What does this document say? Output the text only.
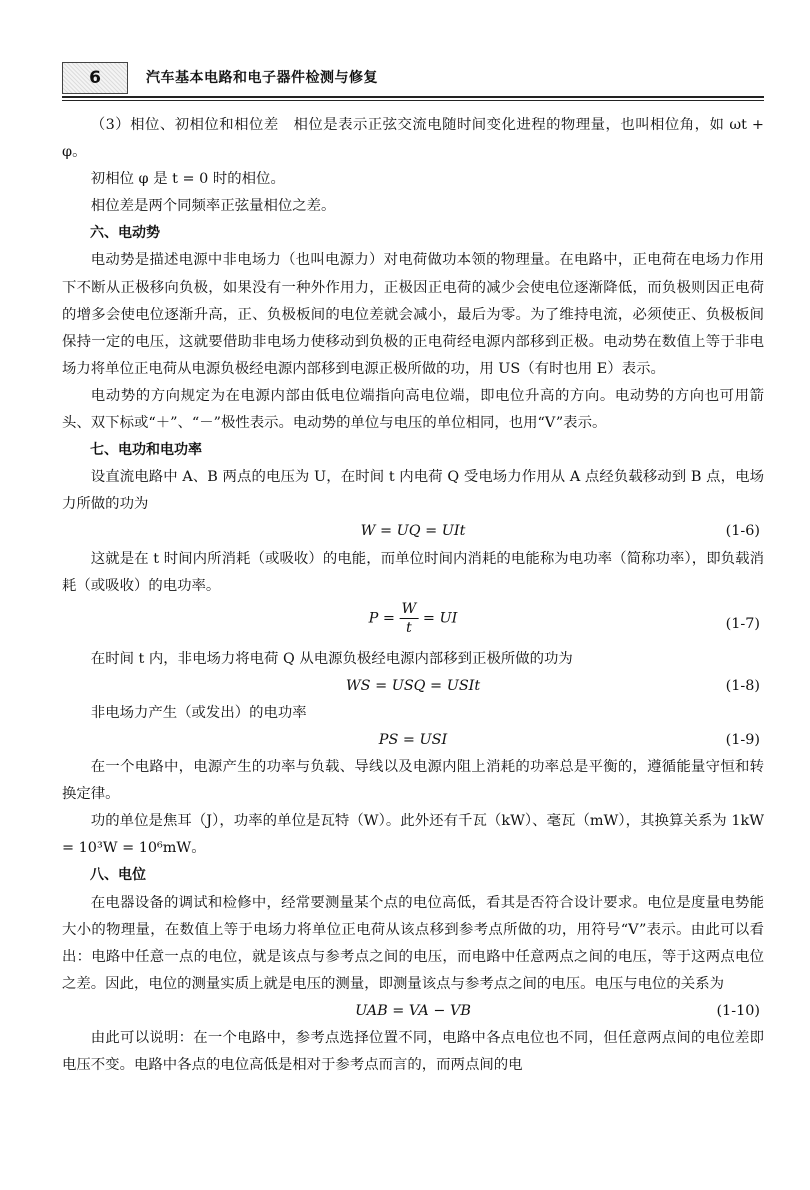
6	汽车基本电路和电子器件检测与修复

（3）相位、初相位和相位差　相位是表示正弦交流电随时间变化进程的物理量，也叫相位角，如 ωt + φ。

初相位 φ 是 t = 0 时的相位。

相位差是两个同频率正弦量相位之差。

六、电动势

电动势是描述电源中非电场力（也叫电源力）对电荷做功本领的物理量。在电路中，正电荷在电场力作用下不断从正极移向负极，如果没有一种外作用力，正极因正电荷的减少会使电位逐渐降低，而负极则因正电荷的增多会使电位逐渐升高，正、负极板间的电位差就会减小，最后为零。为了维持电流，必须使正、负极板间保持一定的电压，这就要借助非电场力使移动到负极的正电荷经电源内部移到正极。电动势在数值上等于非电场力将单位正电荷从电源负极经电源内部移到电源正极所做的功，用 US（有时也用 E）表示。

电动势的方向规定为在电源内部由低电位端指向高电位端，即电位升高的方向。电动势的方向也可用箭头、双下标或“＋”、“－”极性表示。电动势的单位与电压的单位相同，也用“V”表示。

七、电功和电功率

设直流电路中 A、B 两点的电压为 U，在时间 t 内电荷 Q 受电场力作用从 A 点经负载移动到 B 点，电场力所做的功为

W = UQ = UIt	(1-6)

这就是在 t 时间内所消耗（或吸收）的电能，而单位时间内消耗的电能称为电功率（简称功率），即负载消耗（或吸收）的电功率。

$P = \frac{W}{t}$ = UI	(1-7)

在时间 t 内，非电场力将电荷 Q 从电源负极经电源内部移到正极所做的功为

WS = USQ = USIt	(1-8)

非电场力产生（或发出）的电功率

PS = USI	(1-9)

在一个电路中，电源产生的功率与负载、导线以及电源内阻上消耗的功率总是平衡的，遵循能量守恒和转换定律。

功的单位是焦耳（J），功率的单位是瓦特（W）。此外还有千瓦（kW）、毫瓦（mW），其换算关系为 1kW = 10³W = 10⁶mW。

八、电位

在电器设备的调试和检修中，经常要测量某个点的电位高低，看其是否符合设计要求。电位是度量电势能大小的物理量，在数值上等于电场力将单位正电荷从该点移到参考点所做的功，用符号“V”表示。由此可以看出：电路中任意一点的电位，就是该点与参考点之间的电压，而电路中任意两点之间的电压，等于这两点电位之差。因此，电位的测量实质上就是电压的测量，即测量该点与参考点之间的电压。电压与电位的关系为

UAB = VA − VB	(1-10)

由此可以说明：在一个电路中，参考点选择位置不同，电路中各点电位也不同，但任意两点间的电位差即电压不变。电路中各点的电位高低是相对于参考点而言的，而两点间的电
